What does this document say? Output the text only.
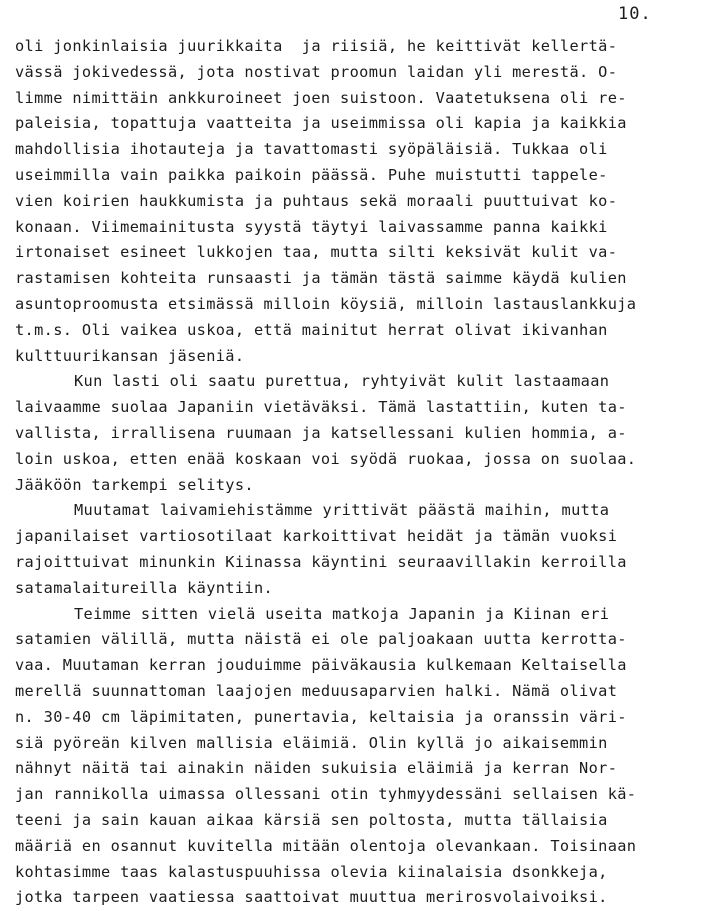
10.
oli jonkinlaisia juurikkaita  ja riisiä, he keittivät kellertä-
vässä jokivedessä, jota nostivat proomun laidan yli merestä. O-
limme nimittäin ankkuroineet joen suistoon. Vaatetuksena oli re-
paleisia, topattuja vaatteita ja useimmissa oli kapia ja kaikkia
mahdollisia ihotauteja ja tavattomasti syöpäläisiä. Tukkaa oli
useimmilla vain paikka paikoin päässä. Puhe muistutti tappele-
vien koirien haukkumista ja puhtaus sekä moraali puuttuivat ko-
konaan. Viimemainitusta syystä täytyi laivassamme panna kaikki
irtonaiset esineet lukkojen taa, mutta silti keksivät kulit va-
rastamisen kohteita runsaasti ja tämän tästä saimme käydä kulien
asuntoproomusta etsimässä milloin köysiä, milloin lastauslankkuja
t.m.s. Oli vaikea uskoa, että mainitut herrat olivat ikivanhan
kulttuurikansan jäseniä.
Kun lasti oli saatu purettua, ryhtyivät kulit lastaamaan
laivaamme suolaa Japaniin vietäväksi. Tämä lastattiin, kuten ta-
vallista, irrallisena ruumaan ja katsellessani kulien hommia, a-
loin uskoa, etten enää koskaan voi syödä ruokaa, jossa on suolaa.
Jääköön tarkempi selitys.
Muutamat laivamiehistämme yrittivät päästä maihin, mutta
japanilaiset vartiosotilaat karkoittivat heidät ja tämän vuoksi
rajoittuivat minunkin Kiinassa käyntini seuraavillakin kerroilla
satamalaitureilla käyntiin.
Teimme sitten vielä useita matkoja Japanin ja Kiinan eri
satamien välillä, mutta näistä ei ole paljoakaan uutta kerrotta-
vaa. Muutaman kerran jouduimme päiväkausia kulkemaan Keltaisella
merellä suunnattoman laajojen meduusaparvien halki. Nämä olivat
n. 30-40 cm läpimitaten, punertavia, keltaisia ja oranssin väri-
siä pyöreän kilven mallisia eläimiä. Olin kyllä jo aikaisemmin
nähnyt näitä tai ainakin näiden sukuisia eläimiä ja kerran Nor-
jan rannikolla uimassa ollessani otin tyhmyydessäni sellaisen kä-
teeni ja sain kauan aikaa kärsiä sen poltosta, mutta tällaisia
määriä en osannut kuvitella mitään olentoja olevankaan. Toisinaan
kohtasimme taas kalastuspuuhissa olevia kiinalaisia dsonkkeja,
jotka tarpeen vaatiessa saattoivat muuttua merirosvolaivoiksi.
